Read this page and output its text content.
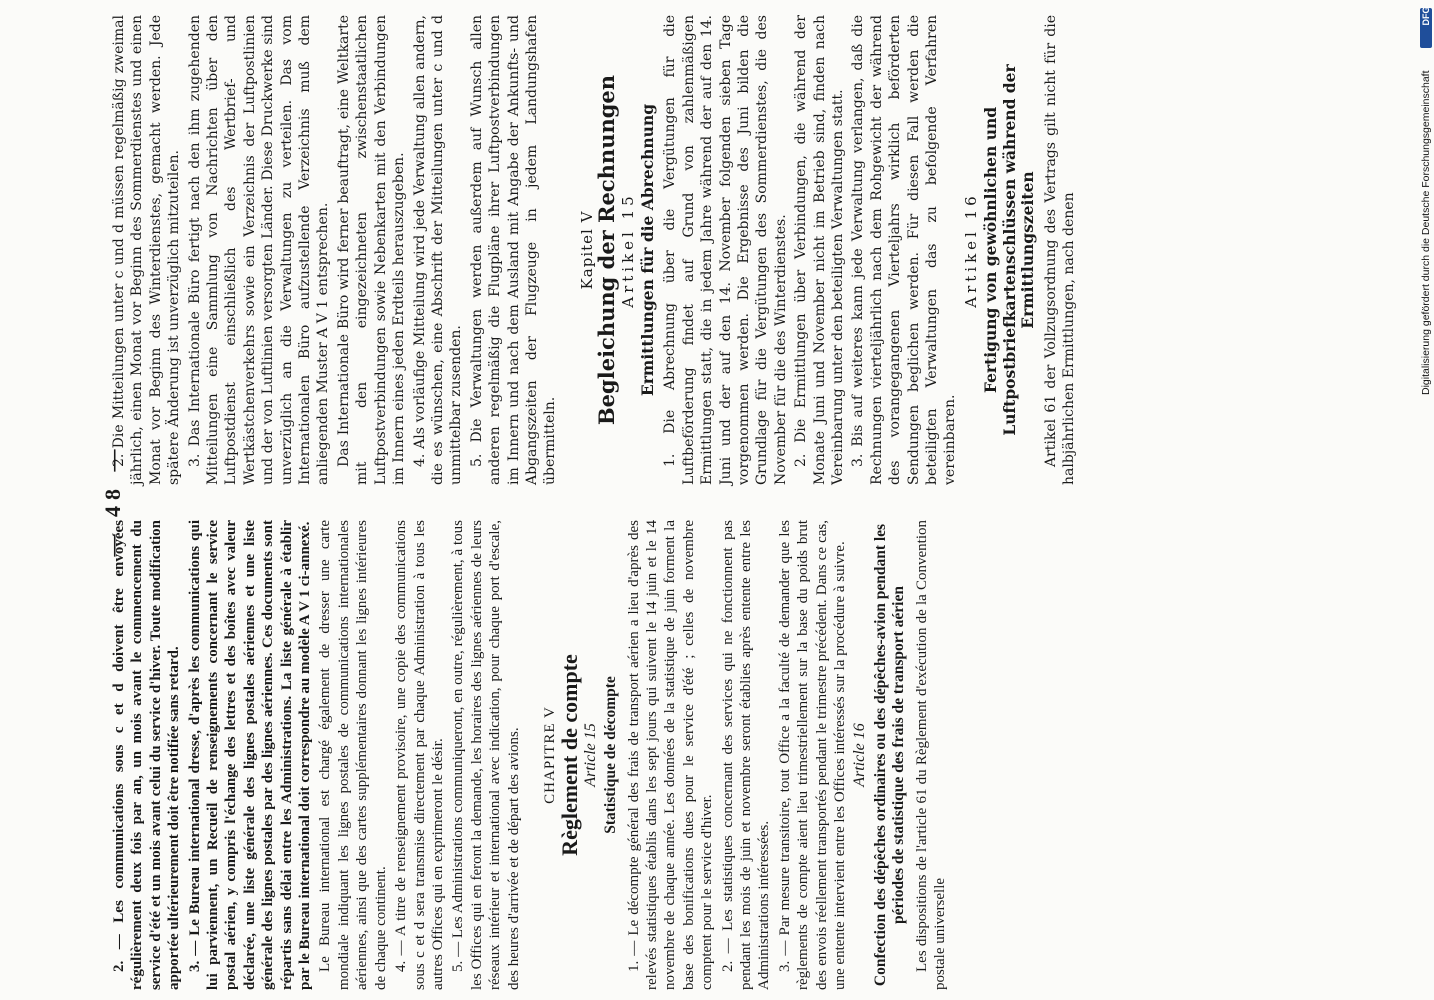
— 48 —

2. — Les communications sous c et d doivent être envoyées régulièrement deux fois par an, un mois avant le commencement du service d'été et un mois avant celui du service d'hiver. Toute modification apportée ultérieurement doit être notifiée sans retard. 3. — Le Bureau international dresse, d'après les communications qui lui parviennent, un Recueil de renseignements concernant le service postal aérien, y compris l'échange des lettres et des boîtes avec valeur déclarée, une liste générale des lignes postales aériennes et une liste générale des lignes postales par des lignes aériennes. Ces documents sont répartis sans délai entre les Administrations. La liste générale à établir par le Bureau international doit correspondre au modèle A V 1 ci-annexé. Le Bureau international est chargé également de dresser une carte mondiale indiquant les lignes postales de communications internationales aériennes, ainsi que des cartes supplémentaires donnant les lignes intérieures de chaque continent. 4. — A titre de renseignement provisoire, une copie des communications sous c et d sera transmise directement par chaque Administration à tous les autres Offices qui en exprimeront le désir. 5. — Les Administrations communiqueront, en outre, régulièrement, à tous les Offices qui en feront la demande, les horaires des lignes aériennes de leurs réseaux intérieur et international avec indication, pour chaque port d'escale, des heures d'arrivée et de départ des avions. CHAPITRE V Règlement de compte Article 15 Statistique de décompte 1. — Le décompte général des frais de transport aérien a lieu d'après des relevés statistiques établis dans les sept jours qui suivent le 14 juin et le 14 novembre de chaque année. Les données de la statistique de juin forment la base des bonifications dues pour le service d'été ; celles de novembre comptent pour le service d'hiver. 2. — Les statistiques concernant des services qui ne fonctionnent pas pendant les mois de juin et novembre seront établies après entente entre les Administrations intéressées. 3. — Par mesure transitoire, tout Office a la faculté de demander que les règlements de compte aient lieu trimestriellement sur la base du poids brut des envois réellement transportés pendant le trimestre précédent. Dans ce cas, une entente intervient entre les Offices intéressés sur la procédure à suivre. Article 16 Confection des dépêches ordinaires ou des dépêches-avion pendant les périodes de statistique des frais de transport aérien Les dispositions de l'article 61 du Règlement d'exécution de la Convention postale universelle

2. Die Mitteilungen unter c und d müssen regelmäßig zweimal jährlich, einen Monat vor Beginn des Sommerdienstes und einen Monat vor Beginn des Winterdienstes, gemacht werden. Jede spätere Änderung ist unverzüglich mitzuteilen. 3. Das Internationale Büro fertigt nach den ihm zugehenden Mitteilungen eine Sammlung von Nachrichten über den Luftpostdienst einschließlich des Wertbrief- und Wertkästchenverkehrs sowie ein Verzeichnis der Luftpostlinien und der von Luftlinien versorgten Länder. Diese Druckwerke sind unverzüglich an die Verwaltungen zu verteilen. Das vom Internationalen Büro aufzustellende Verzeichnis muß dem anliegenden Muster A V 1 entsprechen. Das Internationale Büro wird ferner beauftragt, eine Weltkarte mit den eingezeichneten zwischenstaatlichen Luftpostverbindungen sowie Nebenkarten mit den Verbindungen im Innern eines jeden Erdteils herauszugeben. 4. Als vorläufige Mitteilung wird jede Verwaltung allen andern, die es wünschen, eine Abschrift der Mitteilungen unter c und d unmittelbar zusenden. 5. Die Verwaltungen werden außerdem auf Wunsch allen anderen regelmäßig die Flugpläne ihrer Luftpostverbindungen im Innern und nach dem Ausland mit Angabe der Ankunfts- und Abgangszeiten der Flugzeuge in jedem Landungshafen übermitteln.

Kapitel V
Begleichung der Rechnungen Artikel 15 Ermittlungen für die Abrechnung 1. Die Abrechnung über die Vergütungen für die Luftbeförderung findet auf Grund von zahlenmäßigen Ermittlungen statt, die in jedem Jahre während der auf den 14. Juni und der auf den 14. November folgenden sieben Tage vorgenommen werden. Die Ergebnisse des Juni bilden die Grundlage für die Vergütungen des Sommerdienstes, die des November für die des Winterdienstes. 2. Die Ermittlungen über Verbindungen, die während der Monate Juni und November nicht im Betrieb sind, finden nach Vereinbarung unter den beteiligten Verwaltungen statt. 3. Bis auf weiteres kann jede Verwaltung verlangen, daß die Rechnungen vierteljährlich nach dem Rohgewicht der während des vorangegangenen Vierteljahrs wirklich beförderten Sendungen beglichen werden. Für diesen Fall werden die beteiligten Verwaltungen das zu befolgende Verfahren vereinbaren.

Artikel 16 Fertigung von gewöhnlichen und Luftpostbriefkartenschlüssen während der Ermittlungszeiten Artikel 61 der Vollzugsordnung des Vertrags gilt nicht für die halbjährlichen Ermittlungen, nach denen	Digitalisierung gefördert durch die Deutsche Forschungsgemeinschaft
DFG
